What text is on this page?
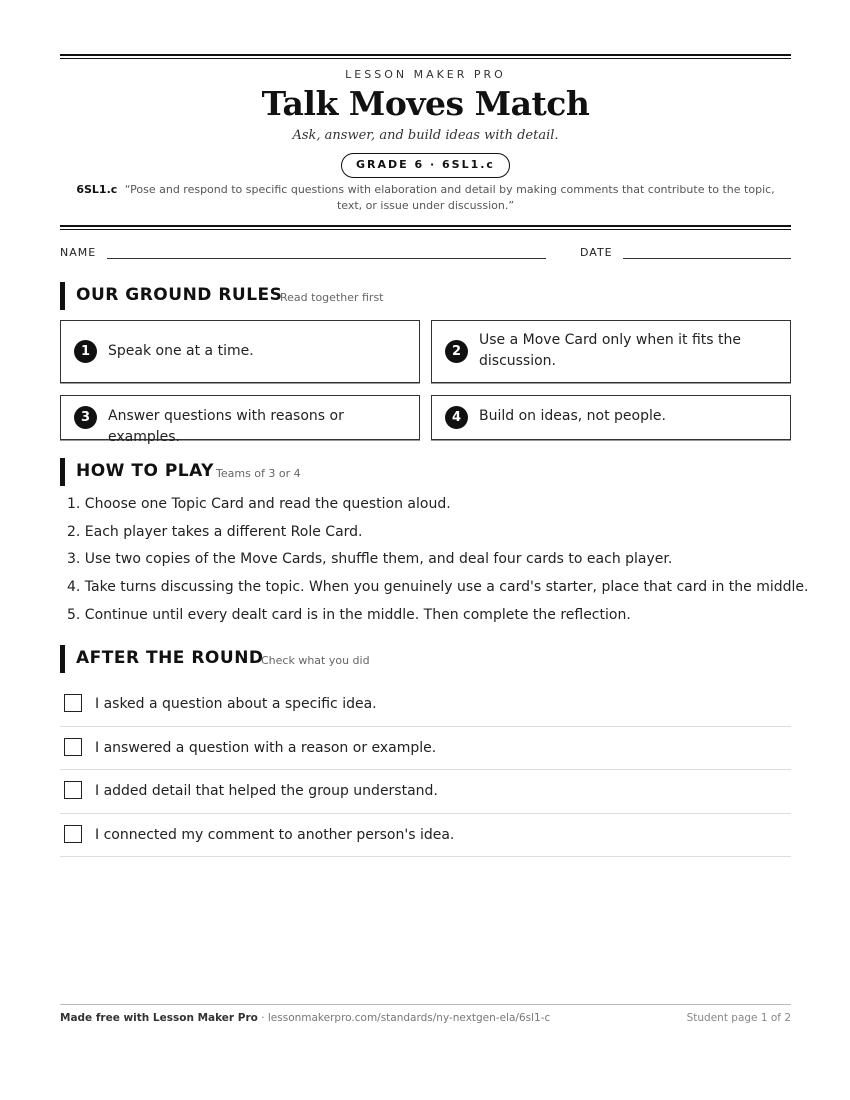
LESSON MAKER PRO
Talk Moves Match
Ask, answer, and build ideas with detail.
GRADE 6 · 6SL1.c
6SL1.c “Pose and respond to specific questions with elaboration and detail by making comments that contribute to the topic, text, or issue under discussion.”
NAME	DATE
OUR GROUND RULES
Read together first
1	Speak one at a time.	2
Use a Move Card only when it fits the discussion.
3	Answer questions with reasons or examples.
4	Build on ideas, not people.
HOW TO PLAY Teams of 3 or 4
1. Choose one Topic Card and read the question aloud.
2. Each player takes a different Role Card.
3. Use two copies of the Move Cards, shuffle them, and deal four cards to each player.
4. Take turns discussing the topic. When you genuinely use a card's starter, place that card in the middle.
5. Continue until every dealt card is in the middle. Then complete the reflection.
AFTER THE ROUND
Check what you did
I asked a question about a specific idea.
I answered a question with a reason or example.
I added detail that helped the group understand.
I connected my comment to another person's idea.
Made free with Lesson Maker Pro · lessonmakerpro.com/standards/ny-nextgen-ela/6sl1-c	Student page 1 of 2
